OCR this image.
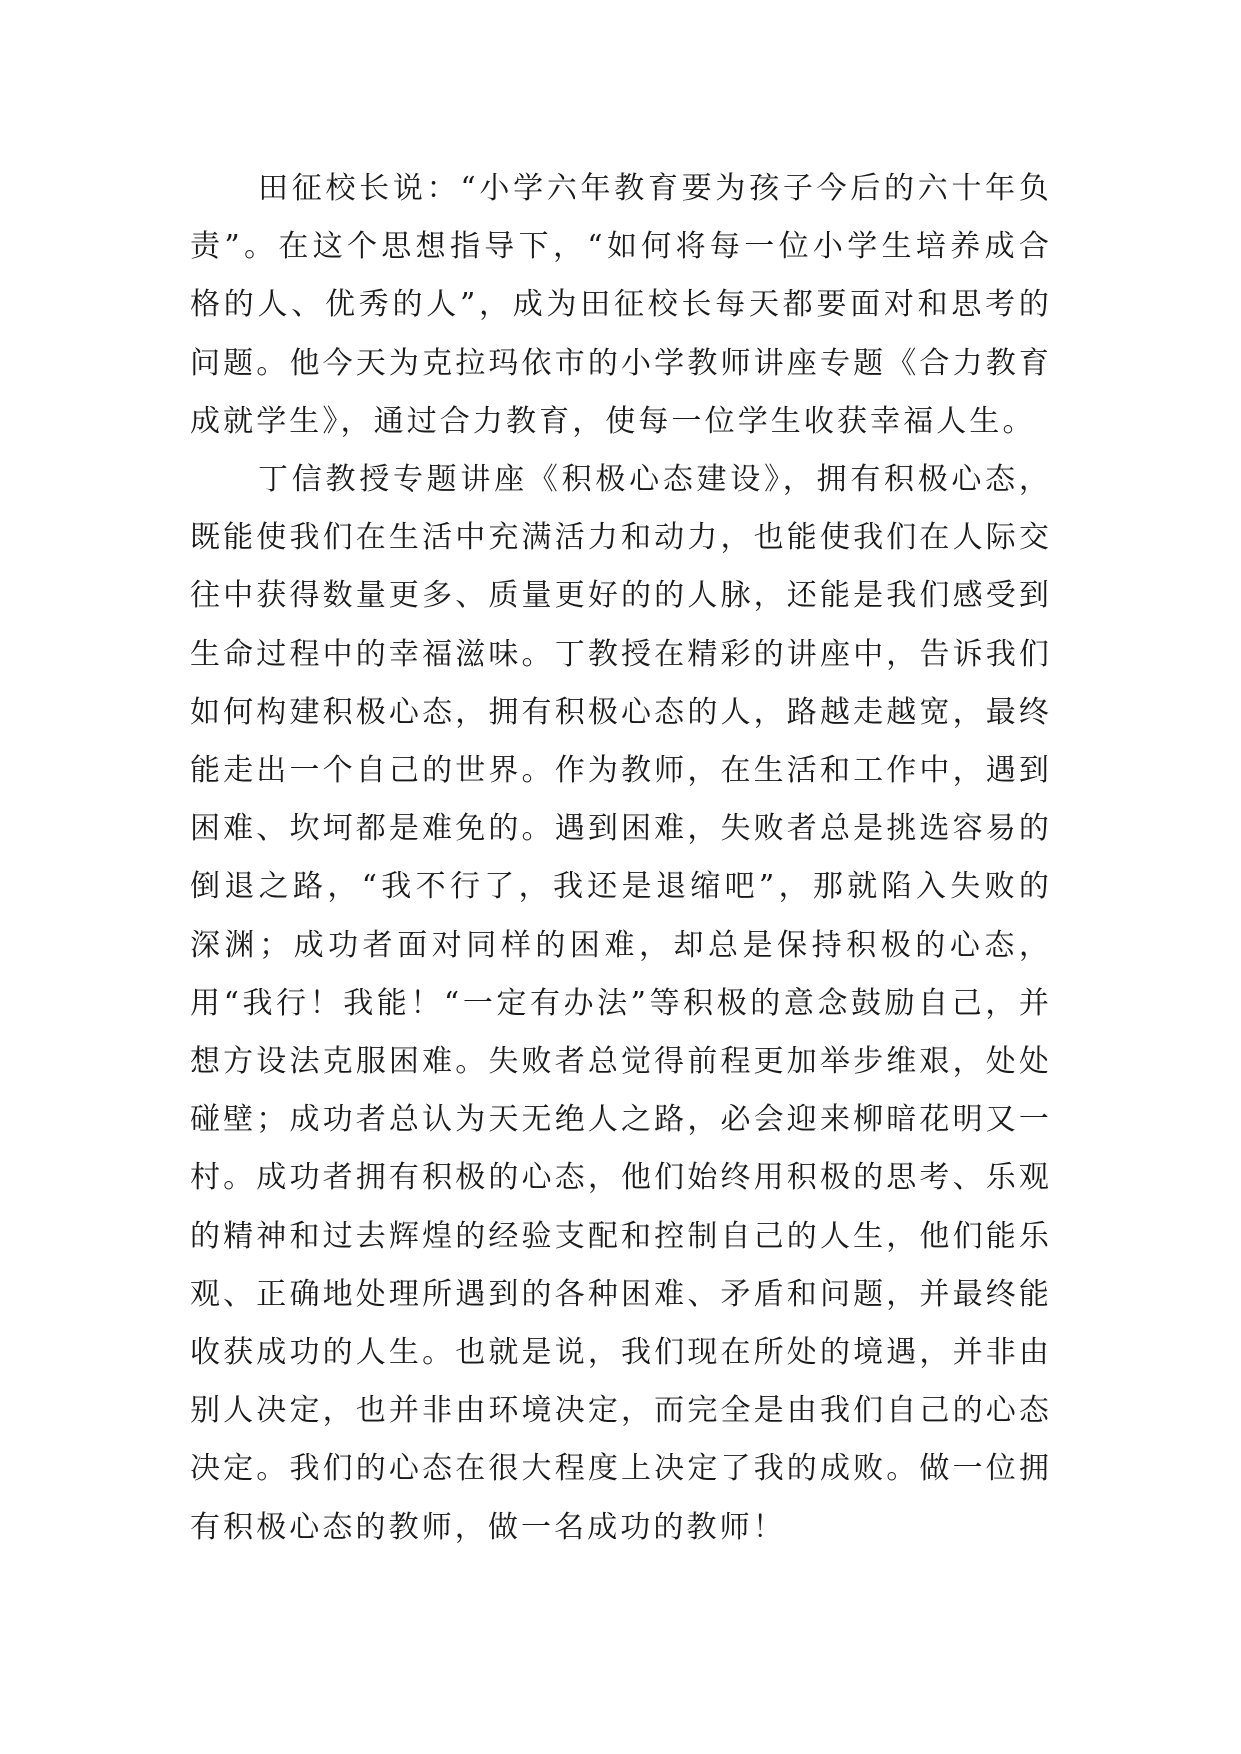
田征校长说：“小学六年教育要为孩子今后的六十年负责”。在这个思想指导下，“如何将每一位小学生培养成合格的人、优秀的人”，成为田征校长每天都要面对和思考的问题。他今天为克拉玛依市的小学教师讲座专题《合力教育成就学生》，通过合力教育，使每一位学生收获幸福人生。

丁信教授专题讲座《积极心态建设》，拥有积极心态，既能使我们在生活中充满活力和动力，也能使我们在人际交往中获得数量更多、质量更好的的人脉，还能是我们感受到生命过程中的幸福滋味。丁教授在精彩的讲座中，告诉我们如何构建积极心态，拥有积极心态的人，路越走越宽，最终能走出一个自己的世界。作为教师，在生活和工作中，遇到困难、坎坷都是难免的。遇到困难，失败者总是挑选容易的倒退之路，“我不行了，我还是退缩吧”，那就陷入失败的深渊；成功者面对同样的困难，却总是保持积极的心态，用“我行！我能！“一定有办法”等积极的意念鼓励自己，并想方设法克服困难。失败者总觉得前程更加举步维艰，处处碰壁；成功者总认为天无绝人之路，必会迎来柳暗花明又一村。成功者拥有积极的心态，他们始终用积极的思考、乐观的精神和过去辉煌的经验支配和控制自己的人生，他们能乐观、正确地处理所遇到的各种困难、矛盾和问题，并最终能收获成功的人生。也就是说，我们现在所处的境遇，并非由别人决定，也并非由环境决定，而完全是由我们自己的心态决定。我们的心态在很大程度上决定了我的成败。做一位拥有积极心态的教师，做一名成功的教师！
